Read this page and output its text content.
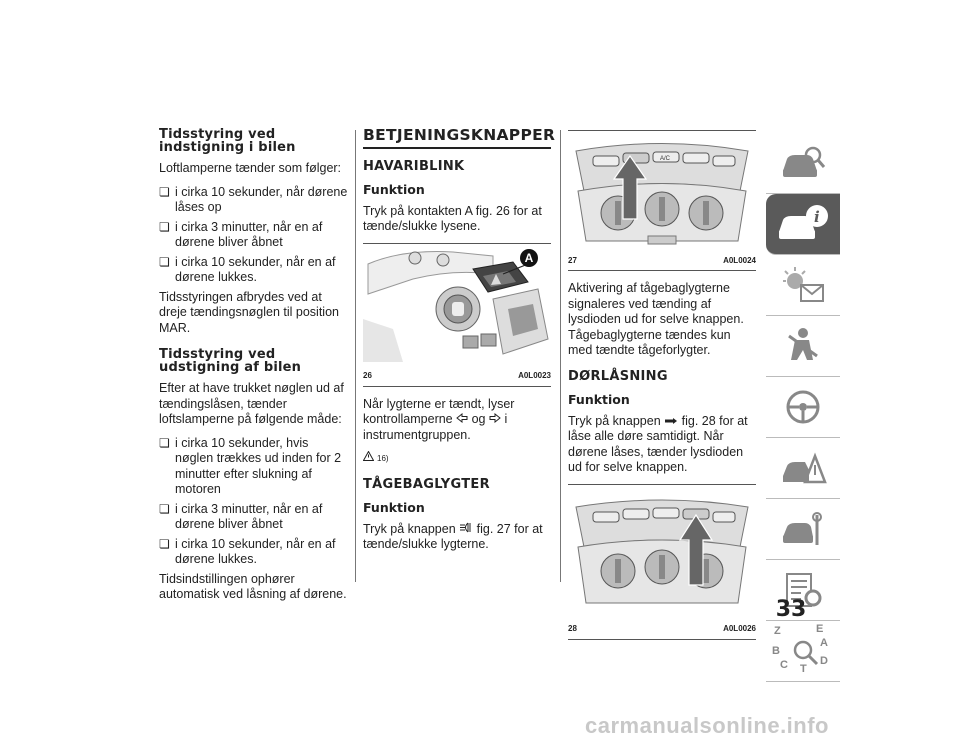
Tidsstyring ved indstigning i bilen

Loftlamperne tænder som følger:

❏ i cirka 10 sekunder, når dørene låses op
❏ i cirka 3 minutter, når en af dørene bliver åbnet
❏ i cirka 10 sekunder, når en af dørene lukkes.

Tidsstyringen afbrydes ved at dreje tændingsnøglen til position MAR.

Tidsstyring ved udstigning af bilen

Efter at have trukket nøglen ud af tændingslåsen, tænder loftslamperne på følgende måde:

❏ i cirka 10 sekunder, hvis nøglen trækkes ud inden for 2 minutter efter slukning af motoren
❏ i cirka 3 minutter, når en af dørene bliver åbnet
❏ i cirka 10 sekunder, når en af dørene lukkes.

Tidsindstillingen ophører automatisk ved låsning af dørene.

BETJENINGSKNAPPER
HAVARIBLINK
Funktion

Tryk på kontakten A fig. 26 for at tænde/slukke lysene.

A
26	A0L0023

Når lygterne er tændt, lyser kontrollamperne og i instrumentgruppen.

16)
TÅGEBAGLYGTER
Funktion

Tryk på knappen fig. 27 for at tænde/slukke lygterne.

A/C
27	A0L0024

Aktivering af tågebaglygterne signaleres ved tænding af lysdioden ud for selve knappen. Tågebaglygterne tændes kun med tændte tågeforlygter.

DØRLÅSNING
Funktion

Tryk på knappen fig. 28 for at låse alle døre samtidigt. Når dørene låses, tænder lysdioden ud for selve knappen.

28	A0L0026
i
Z	E
B
A
C T
D
33
carmanualsonline.info
